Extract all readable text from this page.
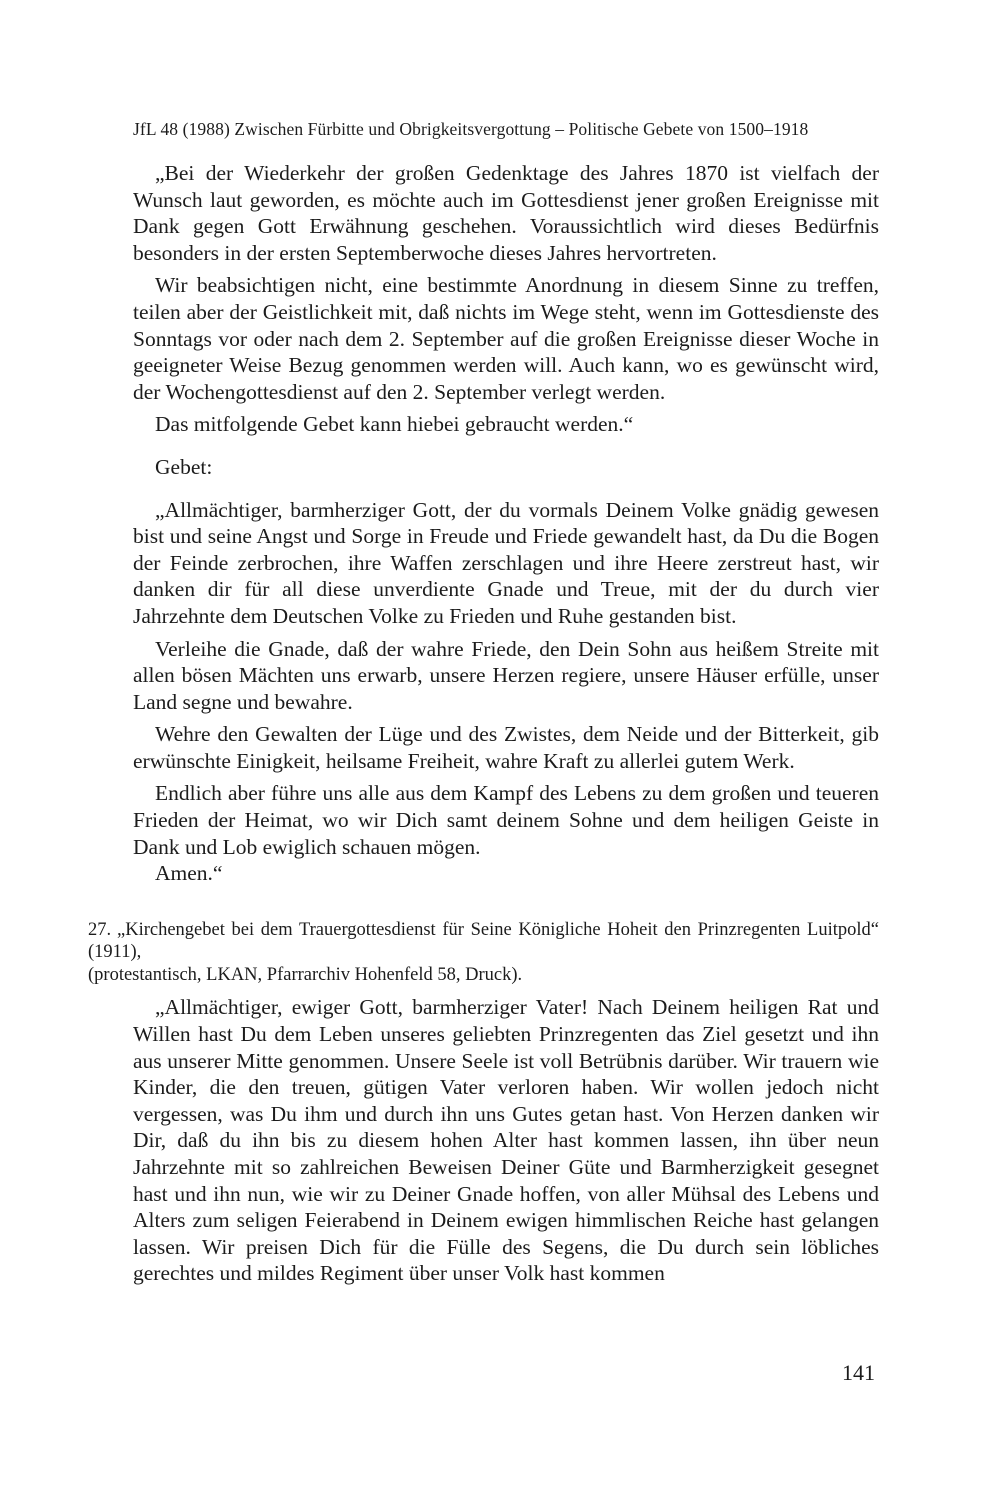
JfL 48 (1988) Zwischen Fürbitte und Obrigkeitsvergottung – Politische Gebete von 1500–1918

„Bei der Wiederkehr der großen Gedenktage des Jahres 1870 ist vielfach der Wunsch laut geworden, es möchte auch im Gottesdienst jener großen Ereignisse mit Dank gegen Gott Erwähnung geschehen. Voraussichtlich wird dieses Bedürfnis besonders in der ersten Septemberwoche dieses Jahres hervortreten.

Wir beabsichtigen nicht, eine bestimmte Anordnung in diesem Sinne zu treffen, teilen aber der Geistlichkeit mit, daß nichts im Wege steht, wenn im Gottesdienste des Sonntags vor oder nach dem 2. September auf die großen Ereignisse dieser Woche in geeigneter Weise Bezug genommen werden will. Auch kann, wo es gewünscht wird, der Wochengottesdienst auf den 2. September verlegt werden.

Das mitfolgende Gebet kann hiebei gebraucht werden.“

Gebet:

„Allmächtiger, barmherziger Gott, der du vormals Deinem Volke gnädig gewesen bist und seine Angst und Sorge in Freude und Friede gewandelt hast, da Du die Bogen der Feinde zerbrochen, ihre Waffen zerschlagen und ihre Heere zerstreut hast, wir danken dir für all diese unverdiente Gnade und Treue, mit der du durch vier Jahrzehnte dem Deutschen Volke zu Frieden und Ruhe gestanden bist.

Verleihe die Gnade, daß der wahre Friede, den Dein Sohn aus heißem Streite mit allen bösen Mächten uns erwarb, unsere Herzen regiere, unsere Häuser erfülle, unser Land segne und bewahre.

Wehre den Gewalten der Lüge und des Zwistes, dem Neide und der Bitterkeit, gib erwünschte Einigkeit, heilsame Freiheit, wahre Kraft zu allerlei gutem Werk.

Endlich aber führe uns alle aus dem Kampf des Lebens zu dem großen und teueren Frieden der Heimat, wo wir Dich samt deinem Sohne und dem heiligen Geiste in Dank und Lob ewiglich schauen mögen.

Amen.“

27. „Kirchengebet bei dem Trauergottesdienst für Seine Königliche Hoheit den Prinzregenten Luitpold“ (1911),

(protestantisch, LKAN, Pfarrarchiv Hohenfeld 58, Druck).

„Allmächtiger, ewiger Gott, barmherziger Vater! Nach Deinem heiligen Rat und Willen hast Du dem Leben unseres geliebten Prinzregenten das Ziel gesetzt und ihn aus unserer Mitte genommen. Unsere Seele ist voll Betrübnis darüber. Wir trauern wie Kinder, die den treuen, gütigen Vater verloren haben. Wir wollen jedoch nicht vergessen, was Du ihm und durch ihn uns Gutes getan hast. Von Herzen danken wir Dir, daß du ihn bis zu diesem hohen Alter hast kommen lassen, ihn über neun Jahrzehnte mit so zahlreichen Beweisen Deiner Güte und Barmherzigkeit gesegnet hast und ihn nun, wie wir zu Deiner Gnade hoffen, von aller Mühsal des Lebens und Alters zum seligen Feierabend in Deinem ewigen himmlischen Reiche hast gelangen lassen. Wir preisen Dich für die Fülle des Segens, die Du durch sein löbliches gerechtes und mildes Regiment über unser Volk hast kommen

141
